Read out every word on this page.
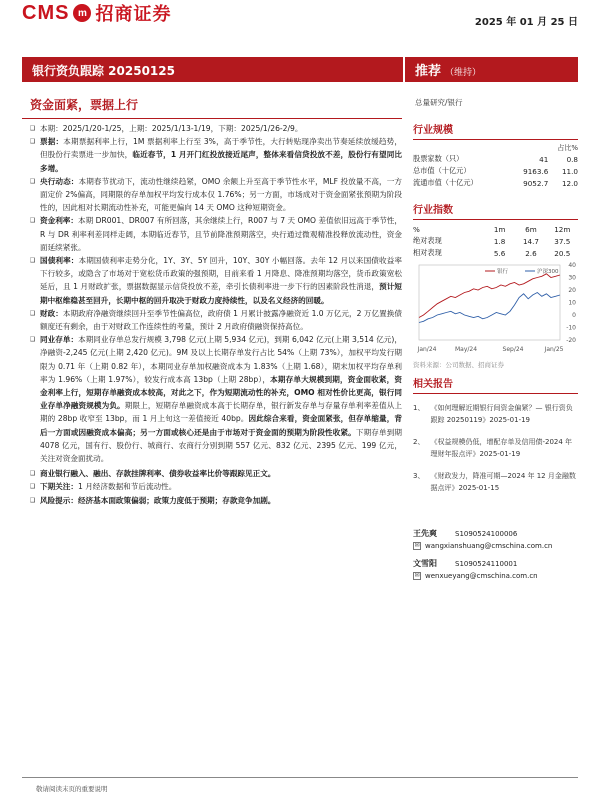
CMS m 招商证券	2025 年 01 月 25 日
银行资负跟踪 20250125	推荐 （维持）
资金面紧，票据上行	总量研究/银行
❑ 本期：2025/1/20-1/25，上期：2025/1/13-1/19，下期：2025/1/26-2/9。
❑ 票据：本期票据利率上行，1M 票据利率上行至 3%，高于季节性，大行转贴现净卖出节奏延续放缓趋势，但股份行卖票进一步加快，临近春节，1 月开门红投放接近尾声，整体来看信贷投放不差，股份行有望同比多增。
❑ 央行动态：本期春节扰动下，流动性继续趋紧，OMO 余额上升至高于季节性水平，MLF 投放量不高，一方面定价 2%偏高，同期限的存单加权平均发行成本仅 1.76%；另一方面，市场成对于资金面紧张预期为阶段性的，因此相对长期流动性补充，可能更偏向 14 天 OMO 这种短期资金。
❑ 资金利率：本期 DR001、DR007 有所回落，其余继续上行，R007 与 7 天 OMO 差值依旧远高于季节性，R 与 DR 利率利差同样走阔，本期临近春节，且节前降准预期落空，央行通过微观精准投释放流动性，资金面延续紧张。
❑ 国债利率：本期国债利率走势分化，1Y、3Y、5Y 回升，10Y、30Y 小幅回落。去年 12 月以来国债收益率下行较多，或隐含了市场对于宽松货币政策的强预期，目前来看 1 月降息、降准预期均落空，货币政策宽松延后，且 1 月财政扩张，票据数据显示信贷投放不差，牵引长债利率进一步下行的因素阶段性消退，预计短期中枢维稳甚至回升，长期中枢的回升取决于财政力度持续性，以及名义经济的回暖。
❑ 财政：本期政府净融资继续回升至季节性偏高位，政府债 1 月累计披露净融资近 1.0 万亿元，2 万亿置换债额度还有剩余，由于对财政工作连续性的考量，预计 2 月政府债融资保持高位。
❑ 同业存单：本期同业存单总发行规模 3,798 亿元(上期 5,934 亿元)，到期 6,042 亿元(上期 3,514 亿元)，净融资-2,245 亿元(上期 2,420 亿元)。9M 及以上长期存单发行占比 54%（上期 73%），加权平均发行期限为 0.71 年（上期 0.82 年），本期同业存单加权融资成本为 1.83%（上期 1.68），期末加权平均存单利率为 1.96%（上期 1.97%），较发行成本高 13bp（上期 28bp），本期存单大规模到期，资金面收紧，资金利率上行，短期存单融资成本较高，对此之下，作为短期流动性的补充，OMO 相对性价比更高，银行同业存单净融资规模为负。期限上，短期存单融资成本高于长期存单，银行新发存单与存量存单利率差值从上期的 28bp 收窄至 13bp，而 1 月上旬这一差值接近 40bp。因此综合来看，资金面紧张，但存单缩量，背后一方面或因融资成本偏高；另一方面或核心还是由于市场对于资金面的预期为阶段性收紧。下期存单到期 4078 亿元，国有行、股份行、城商行、农商行分别到期 557 亿元、832 亿元、2395 亿元、199 亿元，关注对资金面扰动。
❑ 商业银行融入、融出、存款挂牌利率、债券收益率比价等跟踪见正文。
❑ 下期关注：1 月经济数据和节后流动性。
❑ 风险提示：经济基本面政策偏弱；政策力度低于预期；存款竞争加剧。
行业规模
占比%
股票家数（只）	41	0.8
总市值（十亿元）	9163.6	11.0
流通市值（十亿元）	9052.7	12.0
行业指数
%	1m	6m	12m
绝对表现	1.8	14.7	37.5
相对表现	5.6	2.6	20.5
40
30
20
10
0
-10
-20
Jan/24	May/24	Sep/24	Jan/25
银行	沪深300
资料来源：公司数据、招商证券
相关报告
1、 《如何理解近期银行间资金偏紧？— 银行资负跟踪 20250119》2025-01-19
2、 《权益规模仍低，增配存单及信用债-2024 年理财年报点评》2025-01-19
3、 《财政发力，降准可期—2024 年 12 月金融数据点评》2025-01-15
王先爽	S1090524100006
✉ wangxianshuang@cmschina.com.cn
文雪阳	S1090524110001
✉ wenxueyang@cmschina.com.cn
敬请阅读末页的重要说明
